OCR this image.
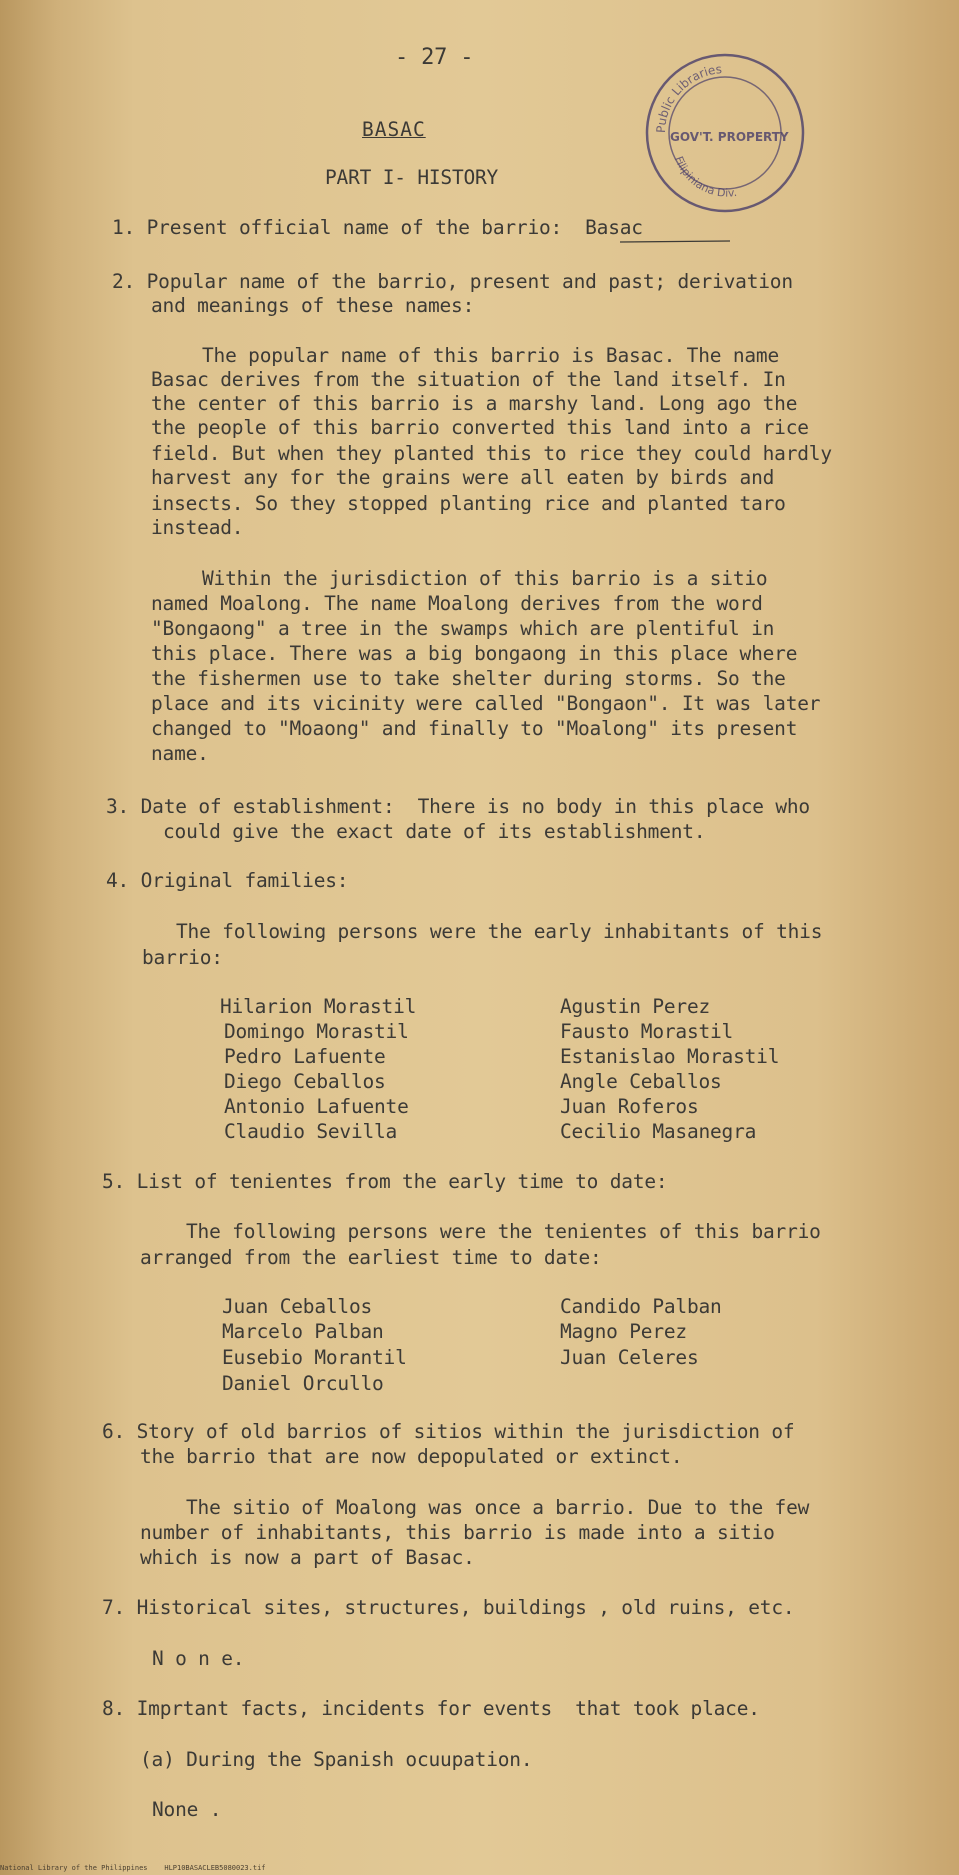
- 27 -
BASAC
PART I- HISTORY
Public Libraries
GOV'T. PROPERTY
Filipiniana Div.
1. Present official name of the barrio:  Basac
2. Popular name of the barrio, present and past; derivation
and meanings of these names:
The popular name of this barrio is Basac. The name
Basac derives from the situation of the land itself. In
the center of this barrio is a marshy land. Long ago the
the people of this barrio converted this land into a rice
field. But when they planted this to rice they could hardly
harvest any for the grains were all eaten by birds and
insects. So they stopped planting rice and planted taro
instead.
Within the jurisdiction of this barrio is a sitio
named Moalong. The name Moalong derives from the word
"Bongaong" a tree in the swamps which are plentiful in
this place. There was a big bongaong in this place where
the fishermen use to take shelter during storms. So the
place and its vicinity were called "Bongaon". It was later
changed to "Moaong" and finally to "Moalong" its present
name.
3. Date of establishment:  There is no body in this place who
could give the exact date of its establishment.
4. Original families:
The following persons were the early inhabitants of this
barrio:
Hilarion Morastil
Domingo Morastil
Pedro Lafuente
Diego Ceballos
Antonio Lafuente
Claudio Sevilla
Agustin Perez
Fausto Morastil
Estanislao Morastil
Angle Ceballos
Juan Roferos
Cecilio Masanegra
5. List of tenientes from the early time to date:
The following persons were the tenientes of this barrio
arranged from the earliest time to date:
Juan Ceballos
Marcelo Palban
Eusebio Morantil
Daniel Orcullo
Candido Palban
Magno Perez
Juan Celeres
6. Story of old barrios of sitios within the jurisdiction of
the barrio that are now depopulated or extinct.
The sitio of Moalong was once a barrio. Due to the few
number of inhabitants, this barrio is made into a sitio
which is now a part of Basac.
7. Historical sites, structures, buildings , old ruins, etc.
N o n e.
8. Imprtant facts, incidents for events  that took place.
(a) During the Spanish ocuupation.
None .
National Library of the Philippines    HLP10BASACLEB5080023.tif
